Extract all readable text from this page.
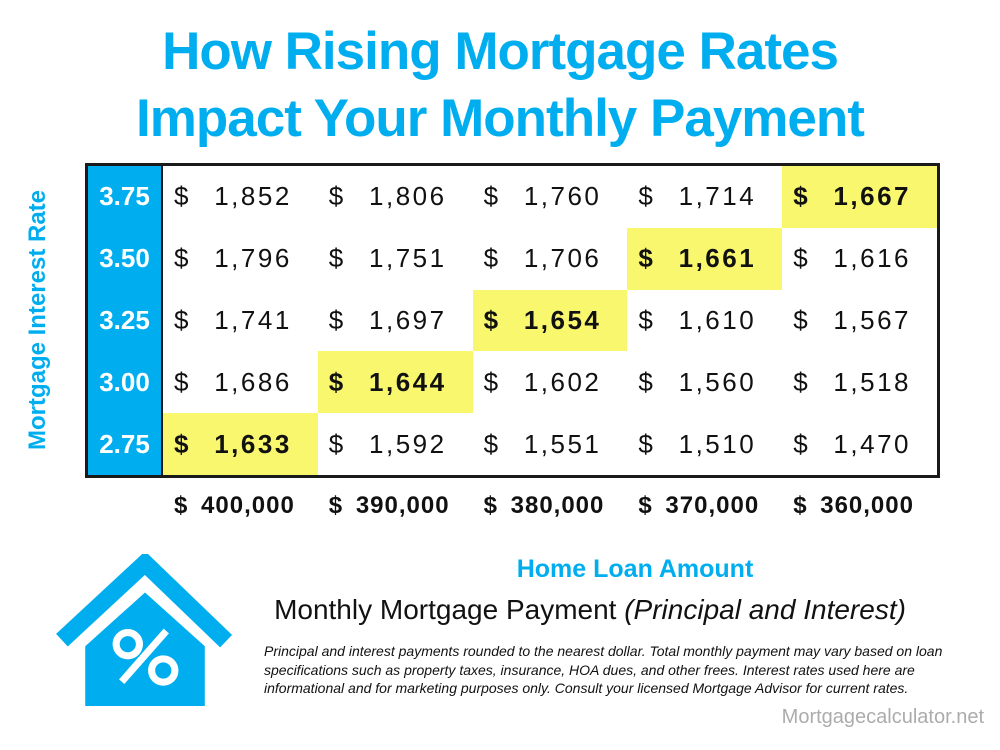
How Rising Mortgage Rates
Impact Your Monthly Payment
Mortgage Interest Rate	3.75 $ 1,852 $ 1,806 $ 1,760 $ 1,714 $ 1,667
3.50 $ 1,796 $ 1,751 $ 1,706 $ 1,661 $ 1,616
3.25 $ 1,741 $ 1,697 $ 1,654 $ 1,610 $ 1,567
3.00 $ 1,686 $ 1,644 $ 1,602 $ 1,560 $ 1,518
2.75 $ 1,633 $ 1,592 $ 1,551 $ 1,510 $ 1,470
$ 400,000 $ 390,000 $ 380,000 $ 370,000 $ 360,000
Home Loan Amount
Monthly Mortgage Payment (Principal and Interest)
Principal and interest payments rounded to the nearest dollar. Total monthly payment may vary based on loan specifications such as property taxes, insurance, HOA dues, and other frees. Interest rates used here are informational and for marketing purposes only. Consult your licensed Mortgage Advisor for current rates.
Mortgagecalculator.net
